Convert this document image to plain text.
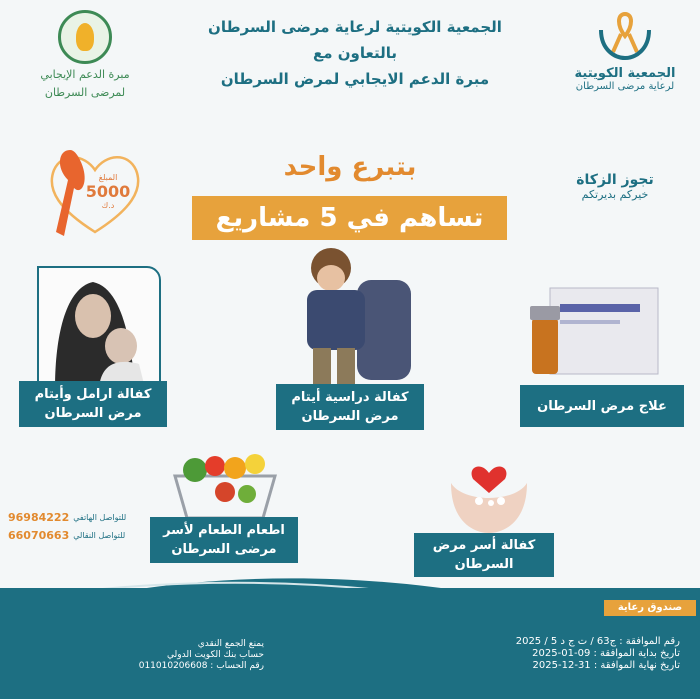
الجمعية الكويتية لرعاية مرضى السرطان
بالتعاون مع
مبرة الدعم الايجابي لمرض السرطان
مبرة الدعم الإيجابي
لمرضى السرطان
الجمعية الكويتية
لرعاية مرضى السرطان
المبلغ
5000
د.ك
تجوز الزكاة
خيركم بديرتكم
بتبرع واحد
تساهم في 5 مشاريع
كفالة ارامل وأيتام مرض السرطان
كفالة دراسية أيتام مرض السرطان
علاج مرض السرطان
اطعام الطعام لأسر مرضى السرطان	كفالة أسر مرض السرطان
96984222 للتواصل الهاتفي
66070663 للتواصل النقالي
صندوق رعاية
رقم الموافقة : ج63 / ت ج د 5 / 2025
تاريخ بداية الموافقة : 09-01-2025
تاريخ نهاية الموافقة : 31-12-2025
يمنع الجمع النقدي
حساب بنك الكويت الدولي
رقم الحساب : 011010206608
